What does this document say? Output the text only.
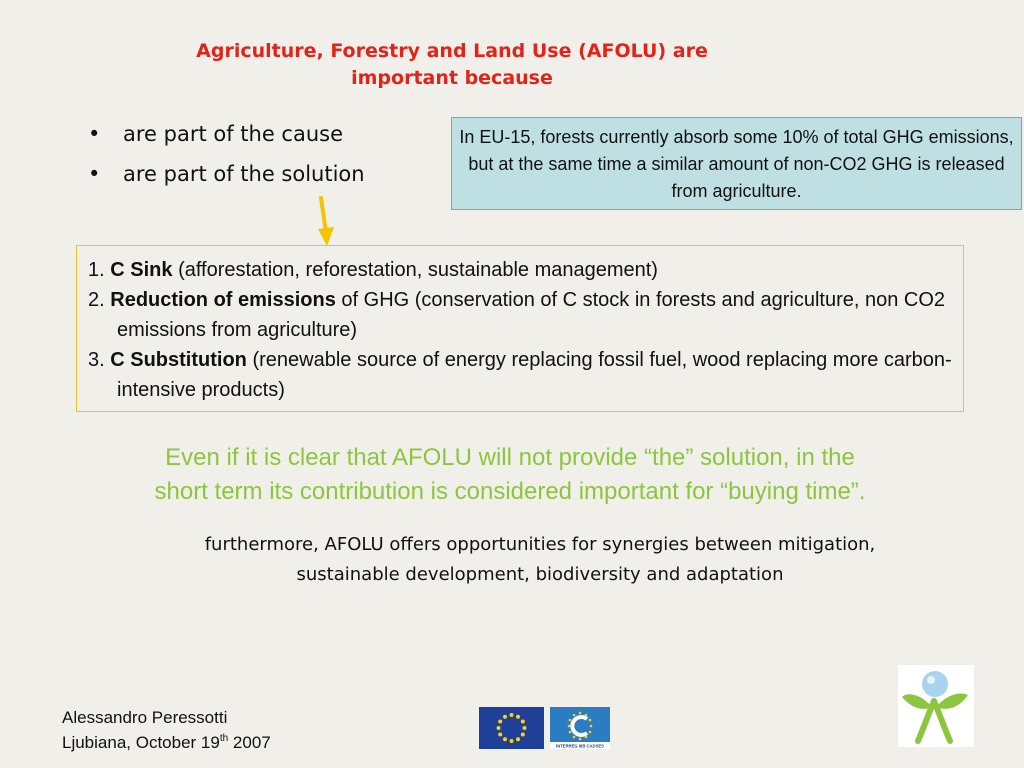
Agriculture, Forestry and Land Use (AFOLU) are
important because
• are part of the cause
• are part of the solution
In EU-15, forests currently absorb some 10% of total GHG emissions, but at the same time a similar amount of non-CO2 GHG is released from agriculture.
1. C Sink (afforestation, reforestation, sustainable management)
2. Reduction of emissions of GHG (conservation of C stock in forests and agriculture, non CO2 emissions from agriculture)
3. C Substitution (renewable source of energy replacing fossil fuel, wood replacing more carbon-intensive products)
Even if it is clear that AFOLU will not provide “the” solution, in the
short term its contribution is considered important for “buying time”.
furthermore, AFOLU offers opportunities for synergies between mitigation,
sustainable development, biodiversity and adaptation
Alessandro Peressotti
Ljubiana, October 19th 2007	INTERREG IIIB CADSES
